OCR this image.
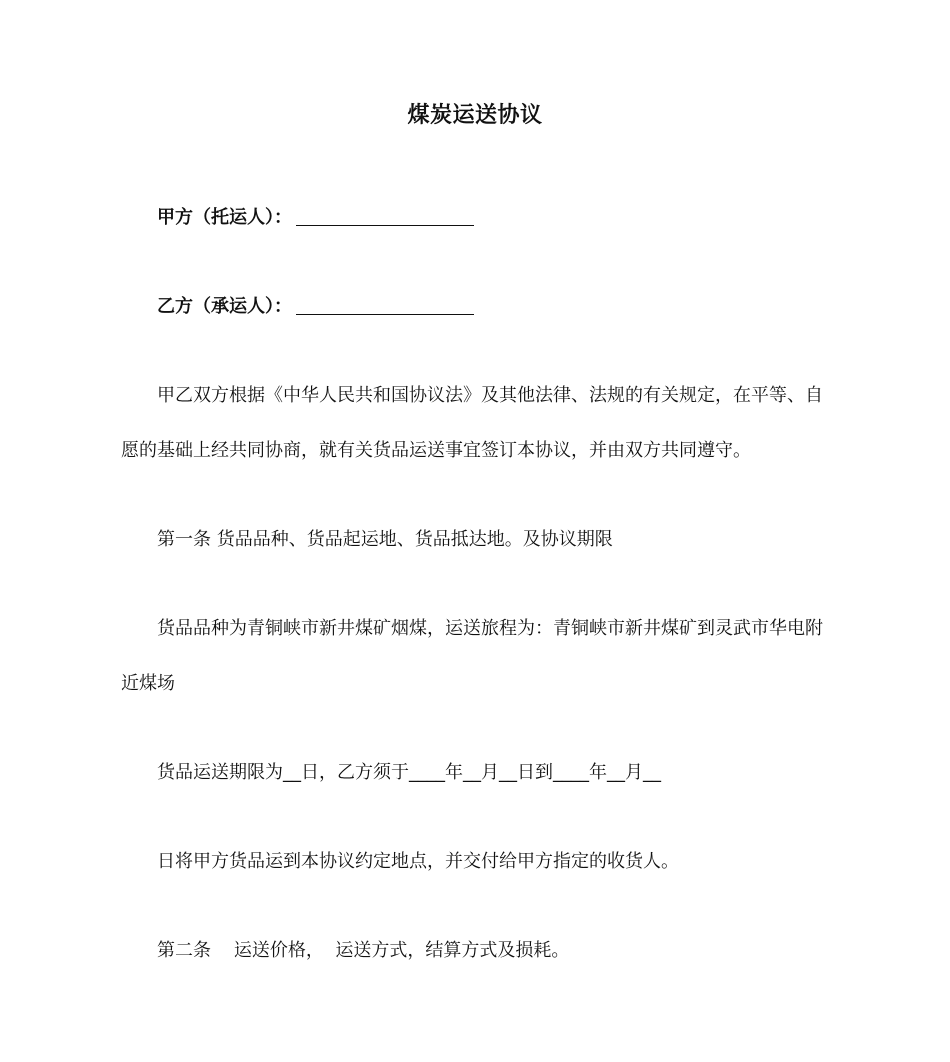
煤炭运送协议
甲方（托运人）：
乙方（承运人）：
甲乙双方根据《中华人民共和国协议法》及其他法律、法规的有关规定，在平等、自
愿的基础上经共同协商，就有关货品运送事宜签订本协议，并由双方共同遵守。
第一条 货品品种、货品起运地、货品抵达地。及协议期限
货品品种为青铜峡市新井煤矿烟煤，运送旅程为：青铜峡市新井煤矿到灵武市华电附
近煤场
货品运送期限为__日，乙方须于____年__月__日到____年__月__
日将甲方货品运到本协议约定地点，并交付给甲方指定的收货人。
第二条    运送价格，  运送方式，结算方式及损耗。
